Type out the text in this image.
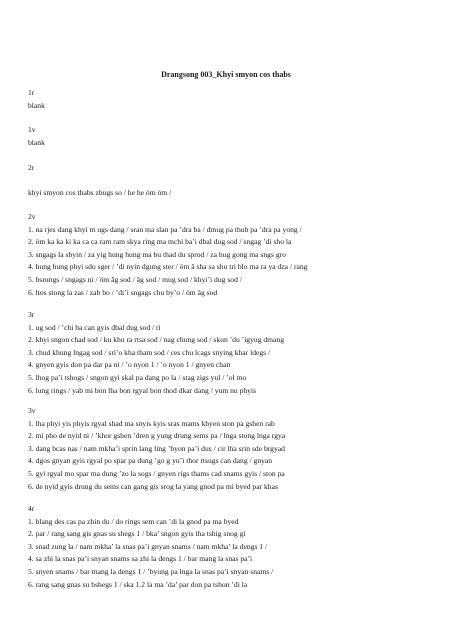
Drangsong 003_Khyi smyon cos thabs
1r
blank
1v
blank
2r
khyi smyon cos thabs zhugs so / he he öm öm /
2v
1. na rjes dang khyi m ugs dang / sran ma slan pa ’dra ba / dmug pa thub pa ’dra pa yong /
2. öm ka ka ki ka ca ca ram ram skya ring ma mchi ba’i dbal dug sod / sngag ’di sho la
3. sngags la sbyin / za yig hung hung ma bu thad du sprod / za hug gong ma sngs gro
4. hung hung phyi sdo sger / ’di nyin dgung ster / öm ā sha sa shu tri blo ma ra ya dza / rang
5. bsrungs / sngags ni / öm āg sod / āg sod / mug sod / khyi’i dug sod /
6. ltos stong la zas / zab bo / ’di’i sngags chu by’o / öm āg sod
3r
1. ug sod / ’chi ba can gyis dbal dug sod / ri
2. khyi sngon chad sod / ku khu ra rtsa sod / nag chung sod / skun ’du ’igyug dmang
3. chud khung lngag sod / sri’o kha tham sod / ces chu lcags snying khar ldegs /
4. gnyen gyis don pa dar pa ni / ’o nyon 1 / ’o nyon 1 / gnyen chan
5. lhog pa’i tshogs / sngon gyi skal pa dang po la / stag zigs yul / ’ol mo
6. lung rings / yab mi bon lha bon rgyal bon thod dkar dang / yum nu phyis
3v
1. lha phyi yis phyis rgyal shad ma snyis kyis sras mams khyen ston pa gshen rab
2. mi pho de nyid ni / ’khor gshen ’dren g yung drung sems pa / lnga stong lnga rgya
3. dang bcas nas / nam mkha’i sprin lang ling ’byon pa’i dus / cir lha srin sde brgyad
4. dgos gnyan gyis rgyal po spar pa dung ’go g yu’i thor rtsugs can dang / gnyan
5. gyi rgyal mo spar ma dung ’zo la sogs / gnyen rigs thams cad snams gyis / ston pa
6. de nyid gyis drung du sems can gang gis srog la yang gnod pa mi byed par khas
4r
1. blang des cas pa zhin du / do rings sem can ’di la gnod pa ma byed
2. par / rang sang gis gnas su shegs 1 / bka’ sngon gyis tha tshig snog gi
3. snad zung la / nam mkha’ la snas pa’i gnyan snams / nam mkha’ la dengs 1 /
4. sa zhi la snas pa’i snyan snams sa zhi la dengs 1 / bar mang la snas pa’i
5. snyen snams / bar mang la dengs 1 / ’byung pa lnga la snas pa’i snyan snams /
6. rang sang gnas su bshegs 1 / ska 1.2 la ma ’da’ par don pa tshon ’di la
